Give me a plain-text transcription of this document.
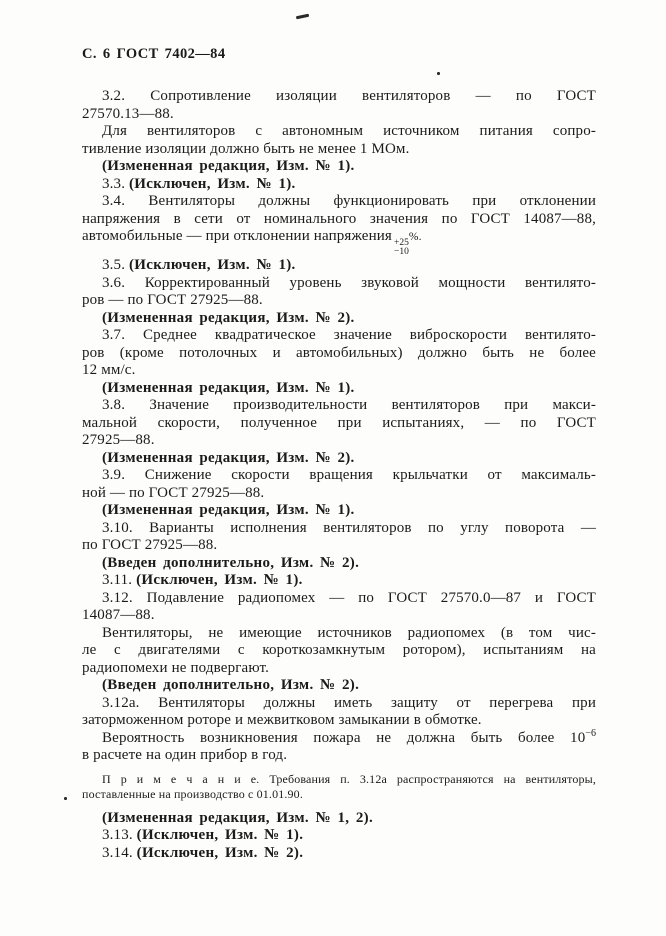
С. 6 ГОСТ 7402—84
3.2. Сопротивление изоляции вентиляторов — по ГОСТ
27570.13—88.
Для вентиляторов с автономным источником питания сопро-
тивление изоляции должно быть не менее 1 МОм.
(Измененная редакция, Изм. № 1).
3.3. (Исключен, Изм. № 1).
3.4. Вентиляторы должны функционировать при отклонении
напряжения в сети от номинального значения по ГОСТ 14087—88,
автомобильные — при отклонении напряжения +25
−10
%.
3.5. (Исключен, Изм. № 1).
3.6. Корректированный уровень звуковой мощности вентилято-
ров — по ГОСТ 27925—88.
(Измененная редакция, Изм. № 2).
3.7. Среднее квадратическое значение виброскорости вентилято-
ров (кроме потолочных и автомобильных) должно быть не более
12 мм/с.
(Измененная редакция, Изм. № 1).
3.8. Значение производительности вентиляторов при макси-
мальной скорости, полученное при испытаниях, — по ГОСТ
27925—88.
(Измененная редакция, Изм. № 2).
3.9. Снижение скорости вращения крыльчатки от максималь-
ной — по ГОСТ 27925—88.
(Измененная редакция, Изм. № 1).
3.10. Варианты исполнения вентиляторов по углу поворота —
по ГОСТ 27925—88.
(Введен дополнительно, Изм. № 2).
3.11. (Исключен, Изм. № 1).
3.12. Подавление радиопомех — по ГОСТ 27570.0—87 и ГОСТ
14087—88.
Вентиляторы, не имеющие источников радиопомех (в том чис-
ле с двигателями с короткозамкнутым ротором), испытаниям на
радиопомехи не подвергают.
(Введен дополнительно, Изм. № 2).
3.12а. Вентиляторы должны иметь защиту от перегрева при
заторможенном роторе и межвитковом замыкании в обмотке.
Вероятность возникновения пожара не должна быть более $10^{-6}$
в расчете на один прибор в год.
П р и м е ч а н и е. Требования п. 3.12а распространяются на вентиляторы,
поставленные на производство с 01.01.90.
(Измененная редакция, Изм. № 1, 2).
3.13. (Исключен, Изм. № 1).
3.14. (Исключен, Изм. № 2).
